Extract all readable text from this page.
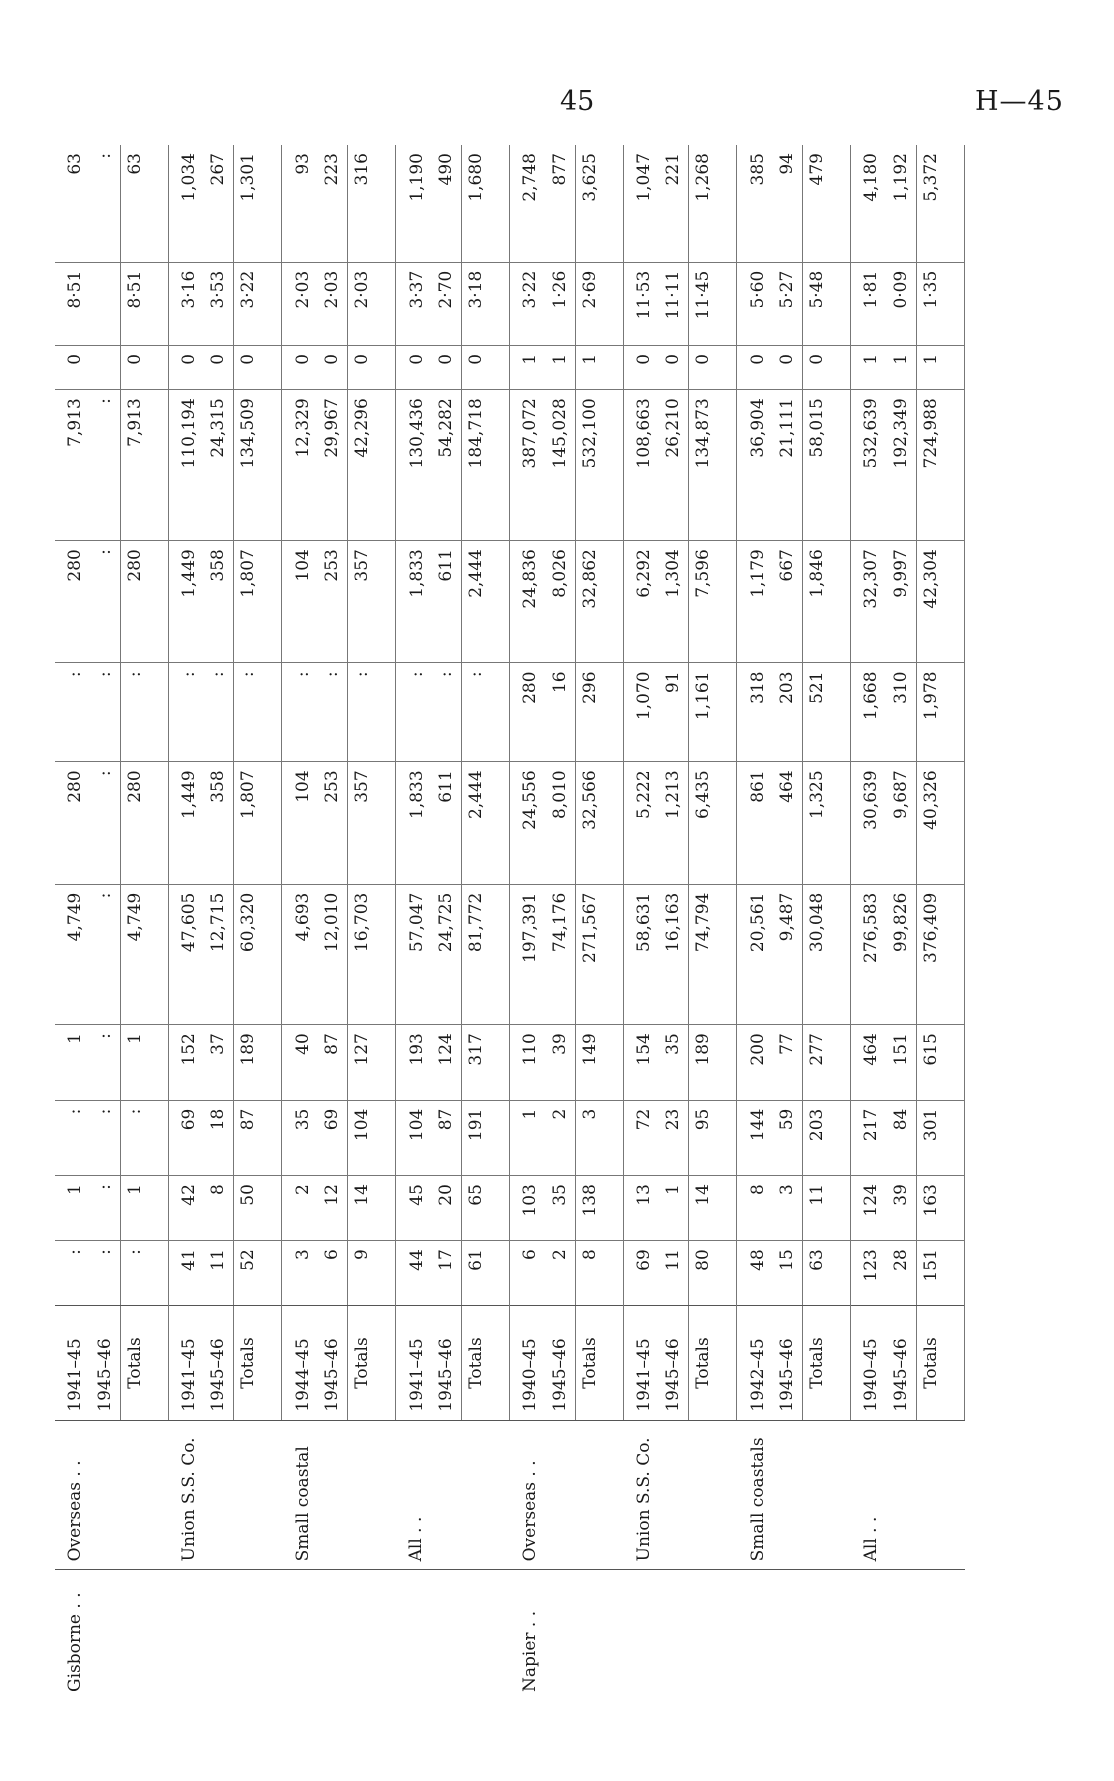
45	H—45
Gisborne . .	Overseas . .	1941–45	:	1	:	1	4,749	280	:	280	7,913	0	8·51	63
		1945–46	:	:	:	:	:	:	:	:	:			:

		Totals	:	1	:	1	4,749	280	:	280	7,913	0	8·51	63

	Union S.S. Co.	1941–45	41	42	69	152	47,605	1,449	:	1,449	110,194	0	3·16	1,034
		1945–46	11	8	18	37	12,715	358	:	358	24,315	0	3·53	267

		Totals	52	50	87	189	60,320	1,807	:	1,807	134,509	0	3·22	1,301

	Small coastal	1944–45	3	2	35	40	4,693	104	:	104	12,329	0	2·03	93
		1945–46	6	12	69	87	12,010	253	:	253	29,967	0	2·03	223

		Totals	9	14	104	127	16,703	357	:	357	42,296	0	2·03	316

	All . .	1941–45	44	45	104	193	57,047	1,833	:	1,833	130,436	0	3·37	1,190
		1945–46	17	20	87	124	24,725	611	:	611	54,282	0	2·70	490

		Totals	61	65	191	317	81,772	2,444	:	2,444	184,718	0	3·18	1,680

Napier . .	Overseas . .	1940–45	6	103	1	110	197,391	24,556	280	24,836	387,072	1	3·22	2,748
		1945–46	2	35	2	39	74,176	8,010	16	8,026	145,028	1	1·26	877

		Totals	8	138	3	149	271,567	32,566	296	32,862	532,100	1	2·69	3,625

	Union S.S. Co.	1941–45	69	13	72	154	58,631	5,222	1,070	6,292	108,663	0	11·53	1,047
		1945–46	11	1	23	35	16,163	1,213	91	1,304	26,210	0	11·11	221

		Totals	80	14	95	189	74,794	6,435	1,161	7,596	134,873	0	11·45	1,268

	Small coastals	1942–45	48	8	144	200	20,561	861	318	1,179	36,904	0	5·60	385
		1945–46	15	3	59	77	9,487	464	203	667	21,111	0	5·27	94

		Totals	63	11	203	277	30,048	1,325	521	1,846	58,015	0	5·48	479

	All . .	1940–45	123	124	217	464	276,583	30,639	1,668	32,307	532,639	1	1·81	4,180
		1945–46	28	39	84	151	99,826	9,687	310	9,997	192,349	1	0·09	1,192

		Totals	151	163	301	615	376,409	40,326	1,978	42,304	724,988	1	1·35	5,372
